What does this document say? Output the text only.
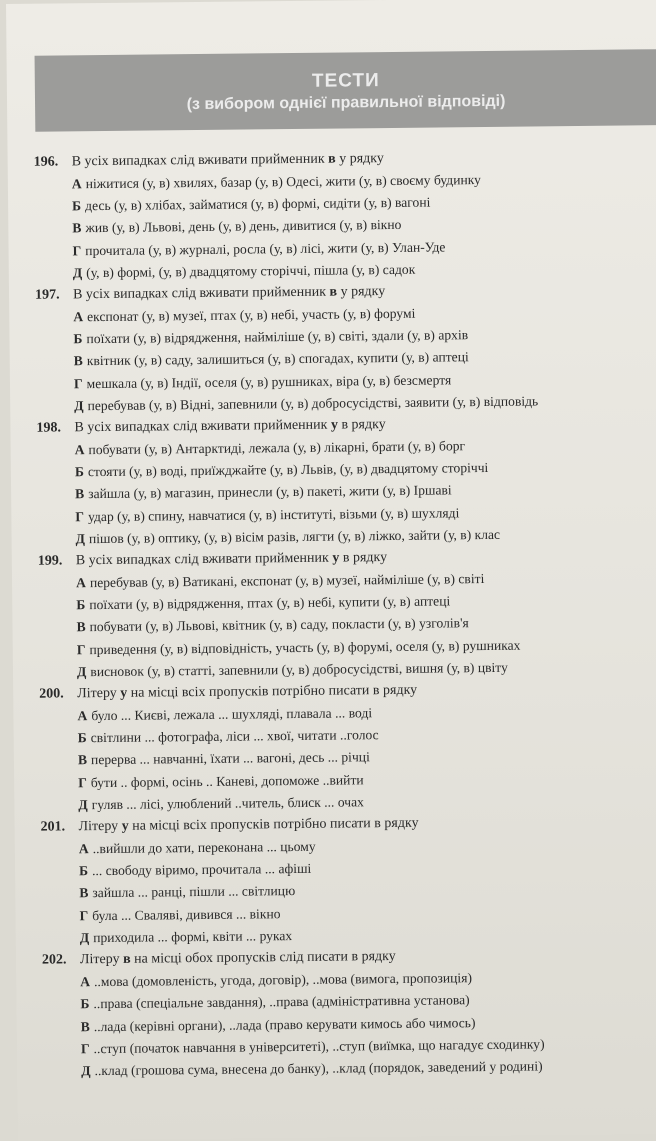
ТЕСТИ
(з вибором однієї правильної відповіді)
196. В усіх випадках слід вживати прийменник в у рядку
А ніжитися (у, в) хвилях, базар (у, в) Одесі, жити (у, в) своєму будинку
Б десь (у, в) хлібах, займатися (у, в) формі, сидіти (у, в) вагоні
В жив (у, в) Львові, день (у, в) день, дивитися (у, в) вікно
Г прочитала (у, в) журналі, росла (у, в) лісі, жити (у, в) Улан-Уде
Д (у, в) формі, (у, в) двадцятому сторіччі, пішла (у, в) садок
197. В усіх випадках слід вживати прийменник в у рядку
А експонат (у, в) музеї, птах (у, в) небі, участь (у, в) форумі
Б поїхати (у, в) відрядження, найміліше (у, в) світі, здали (у, в) архів
В квітник (у, в) саду, залишиться (у, в) спогадах, купити (у, в) аптеці
Г мешкала (у, в) Індії, оселя (у, в) рушниках, віра (у, в) безсмертя
Д перебував (у, в) Відні, запевнили (у, в) добросусідстві, заявити (у, в) відповідь
198. В усіх випадках слід вживати прийменник у в рядку
А побувати (у, в) Антарктиді, лежала (у, в) лікарні, брати (у, в) борг
Б стояти (у, в) воді, приїжджайте (у, в) Львів, (у, в) двадцятому сторіччі
В зайшла (у, в) магазин, принесли (у, в) пакеті, жити (у, в) Іршаві
Г удар (у, в) спину, навчатися (у, в) інституті, візьми (у, в) шухляді
Д пішов (у, в) оптику, (у, в) вісім разів, лягти (у, в) ліжко, зайти (у, в) клас
199. В усіх випадках слід вживати прийменник у в рядку
А перебував (у, в) Ватикані, експонат (у, в) музеї, найміліше (у, в) світі
Б поїхати (у, в) відрядження, птах (у, в) небі, купити (у, в) аптеці
В побувати (у, в) Львові, квітник (у, в) саду, покласти (у, в) узголів'я
Г приведення (у, в) відповідність, участь (у, в) форумі, оселя (у, в) рушниках
Д висновок (у, в) статті, запевнили (у, в) добросусідстві, вишня (у, в) цвіту
200. Літеру у на місці всіх пропусків потрібно писати в рядку
А було ... Києві, лежала ... шухляді, плавала ... воді
Б світлини ... фотографа, ліси ... хвої, читати ..голос
В перерва ... навчанні, їхати ... вагоні, десь ... річці
Г бути .. формі, осінь .. Каневі, допоможе ..вийти
Д гуляв ... лісі, улюблений ..читель, блиск ... очах
201. Літеру у на місці всіх пропусків потрібно писати в рядку
А ..вийшли до хати, переконана ... цьому
Б ... свободу віримо, прочитала ... афіші
В зайшла ... ранці, пішли ... світлицю
Г була ... Сваляві, дивився ... вікно
Д приходила ... формі, квіти ... руках
202. Літеру в на місці обох пропусків слід писати в рядку
А ..мова (домовленість, угода, договір), ..мова (вимога, пропозиція)
Б ..права (спеціальне завдання), ..права (адміністративна установа)
В ..лада (керівні органи), ..лада (право керувати кимось або чимось)
Г ..ступ (початок навчання в університеті), ..ступ (виїмка, що нагадує сходинку)
Д ..клад (грошова сума, внесена до банку), ..клад (порядок, заведений у родині)
